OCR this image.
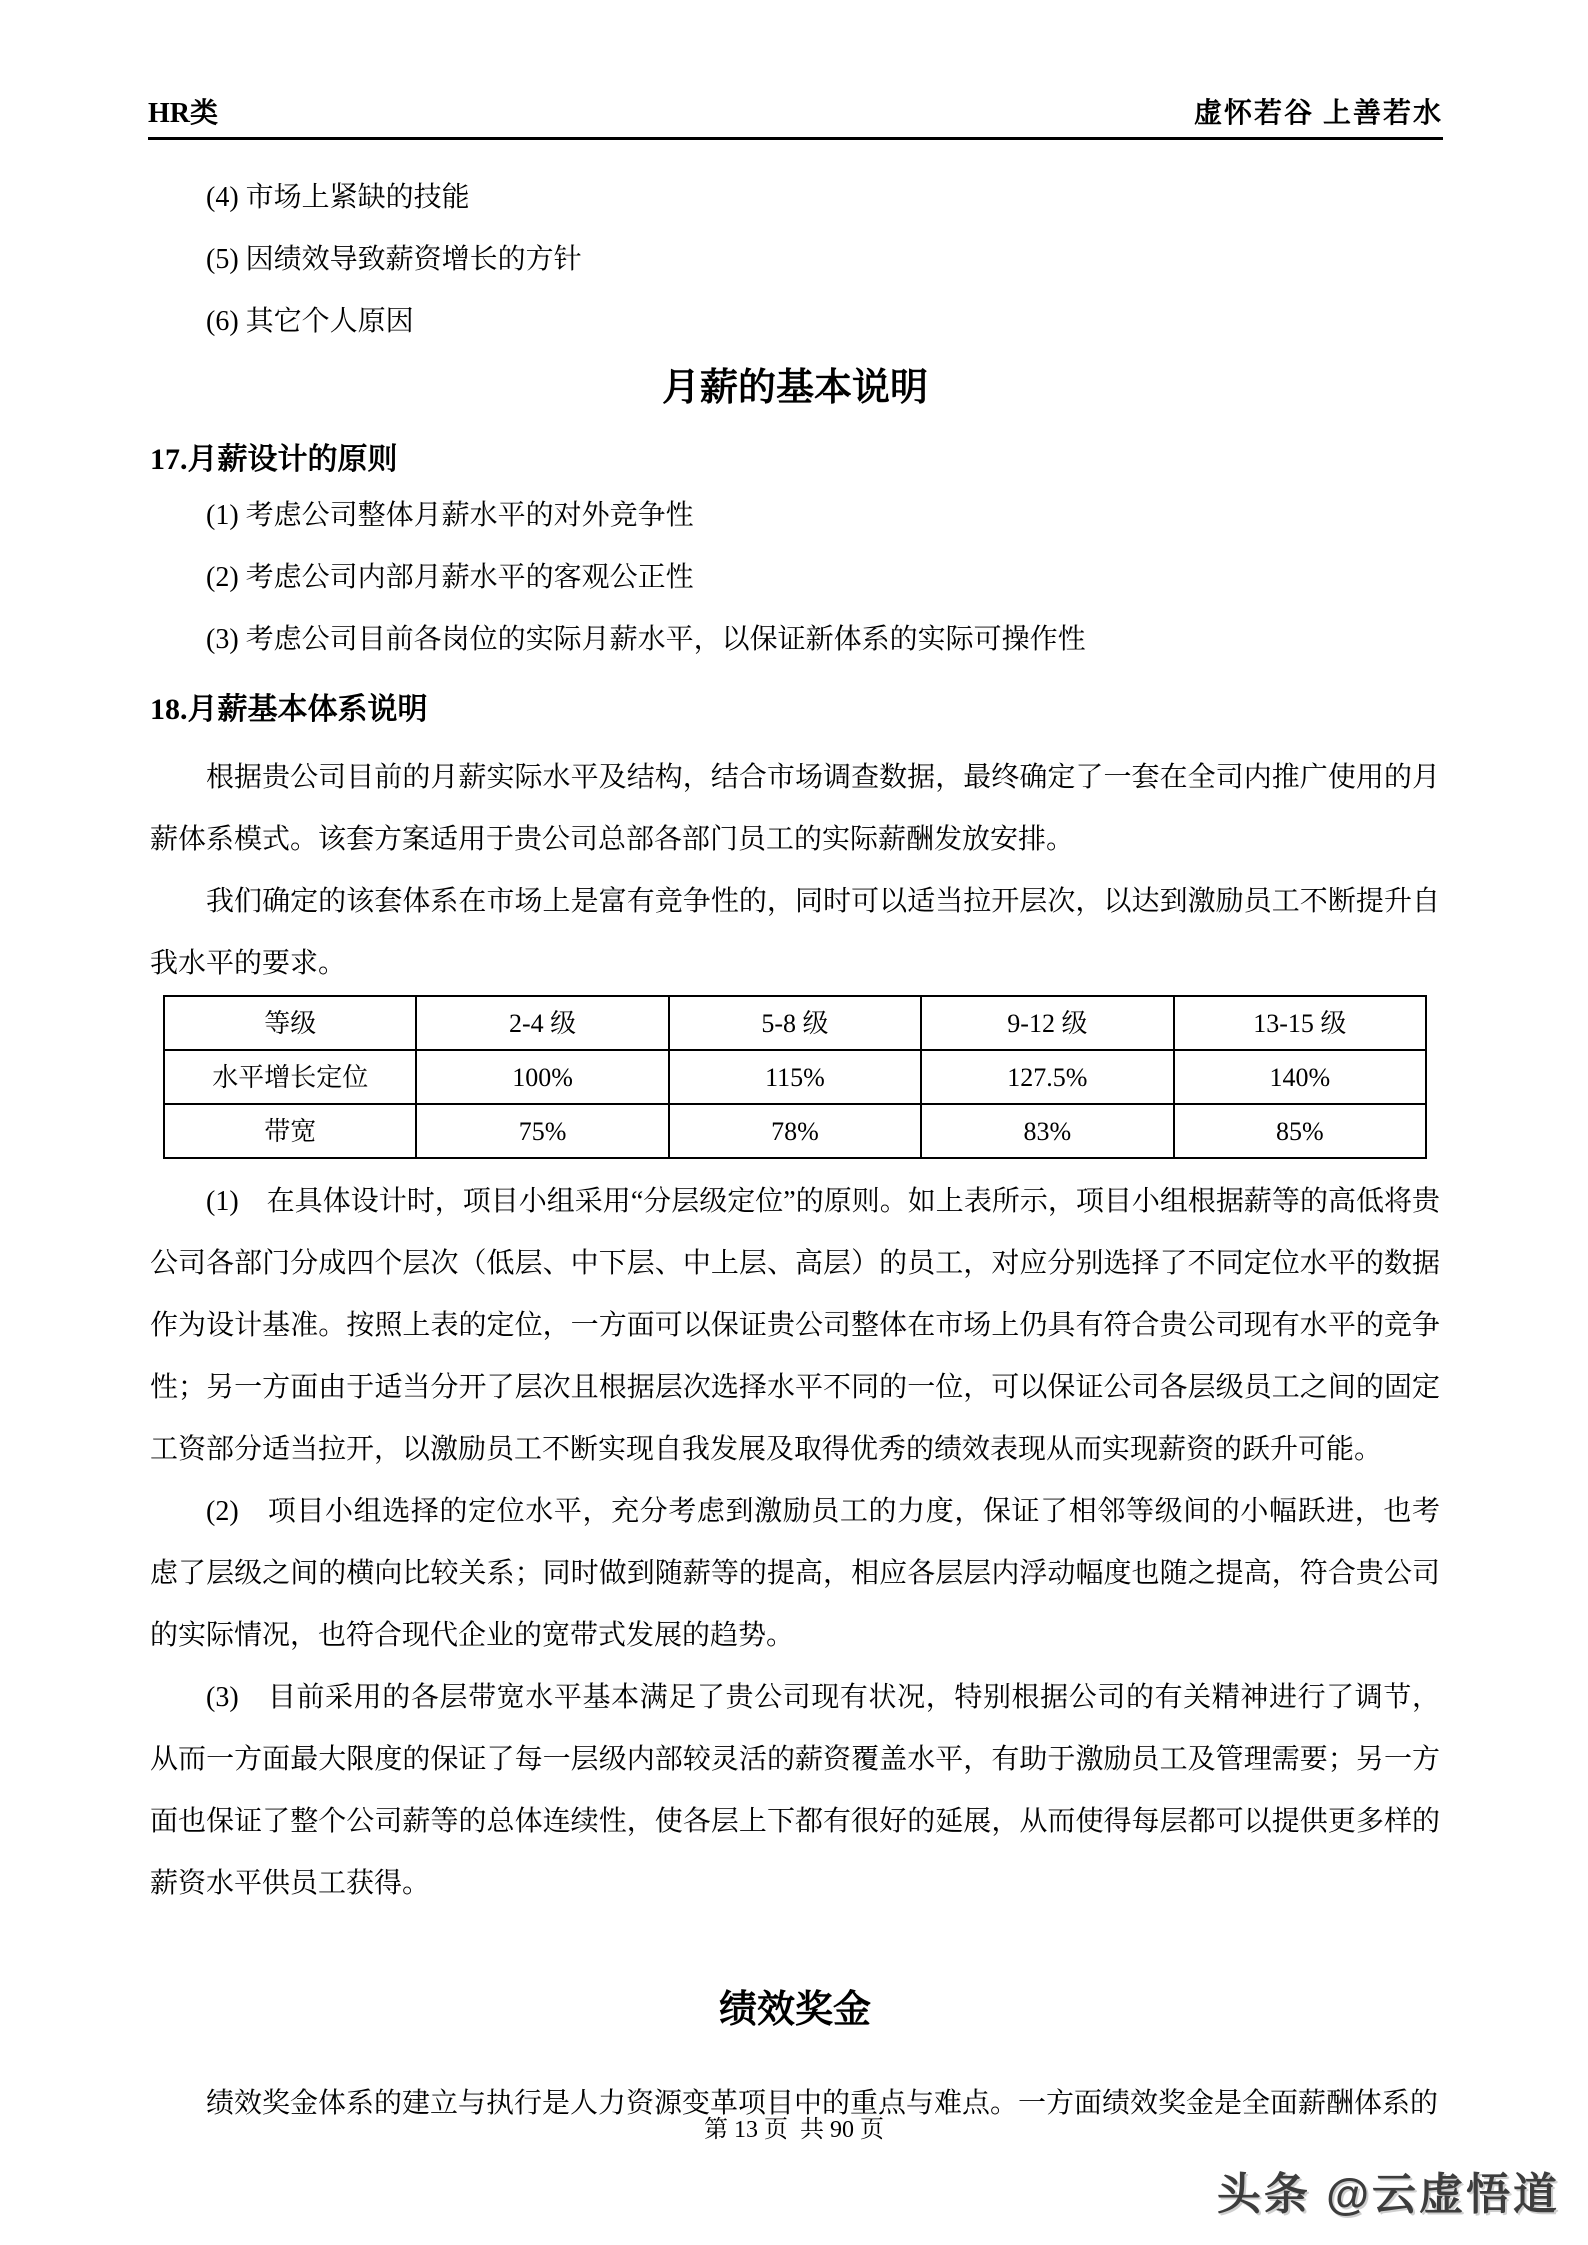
HR类	虚怀若谷 上善若水

(4) 市场上紧缺的技能

(5) 因绩效导致薪资增长的方针

(6) 其它个人原因

月薪的基本说明
17.月薪设计的原则

(1) 考虑公司整体月薪水平的对外竞争性

(2) 考虑公司内部月薪水平的客观公正性

(3) 考虑公司目前各岗位的实际月薪水平，以保证新体系的实际可操作性

18.月薪基本体系说明

根据贵公司目前的月薪实际水平及结构，结合市场调查数据，最终确定了一套在全司内推广使用的月薪体系模式。该套方案适用于贵公司总部各部门员工的实际薪酬发放安排。

我们确定的该套体系在市场上是富有竞争性的，同时可以适当拉开层次，以达到激励员工不断提升自我水平的要求。

等级	2-4 级	5-8 级	9-12 级	13-15 级
水平增长定位	100%	115%	127.5%	140%
带宽	75%	78%	83%	85%

(1)　在具体设计时，项目小组采用“分层级定位”的原则。如上表所示，项目小组根据薪等的高低将贵公司各部门分成四个层次（低层、中下层、中上层、高层）的员工，对应分别选择了不同定位水平的数据作为设计基准。按照上表的定位，一方面可以保证贵公司整体在市场上仍具有符合贵公司现有水平的竞争性；另一方面由于适当分开了层次且根据层次选择水平不同的一位，可以保证公司各层级员工之间的固定工资部分适当拉开，以激励员工不断实现自我发展及取得优秀的绩效表现从而实现薪资的跃升可能。

(2)　项目小组选择的定位水平，充分考虑到激励员工的力度，保证了相邻等级间的小幅跃进，也考虑了层级之间的横向比较关系；同时做到随薪等的提高，相应各层层内浮动幅度也随之提高，符合贵公司的实际情况，也符合现代企业的宽带式发展的趋势。

(3)　目前采用的各层带宽水平基本满足了贵公司现有状况，特别根据公司的有关精神进行了调节，从而一方面最大限度的保证了每一层级内部较灵活的薪资覆盖水平，有助于激励员工及管理需要；另一方面也保证了整个公司薪等的总体连续性，使各层上下都有很好的延展，从而使得每层都可以提供更多样的薪资水平供员工获得。

绩效奖金

绩效奖金体系的建立与执行是人力资源变革项目中的重点与难点。一方面绩效奖金是全面薪酬体系的

第 13 页  共 90 页
头条 @云虚悟道
